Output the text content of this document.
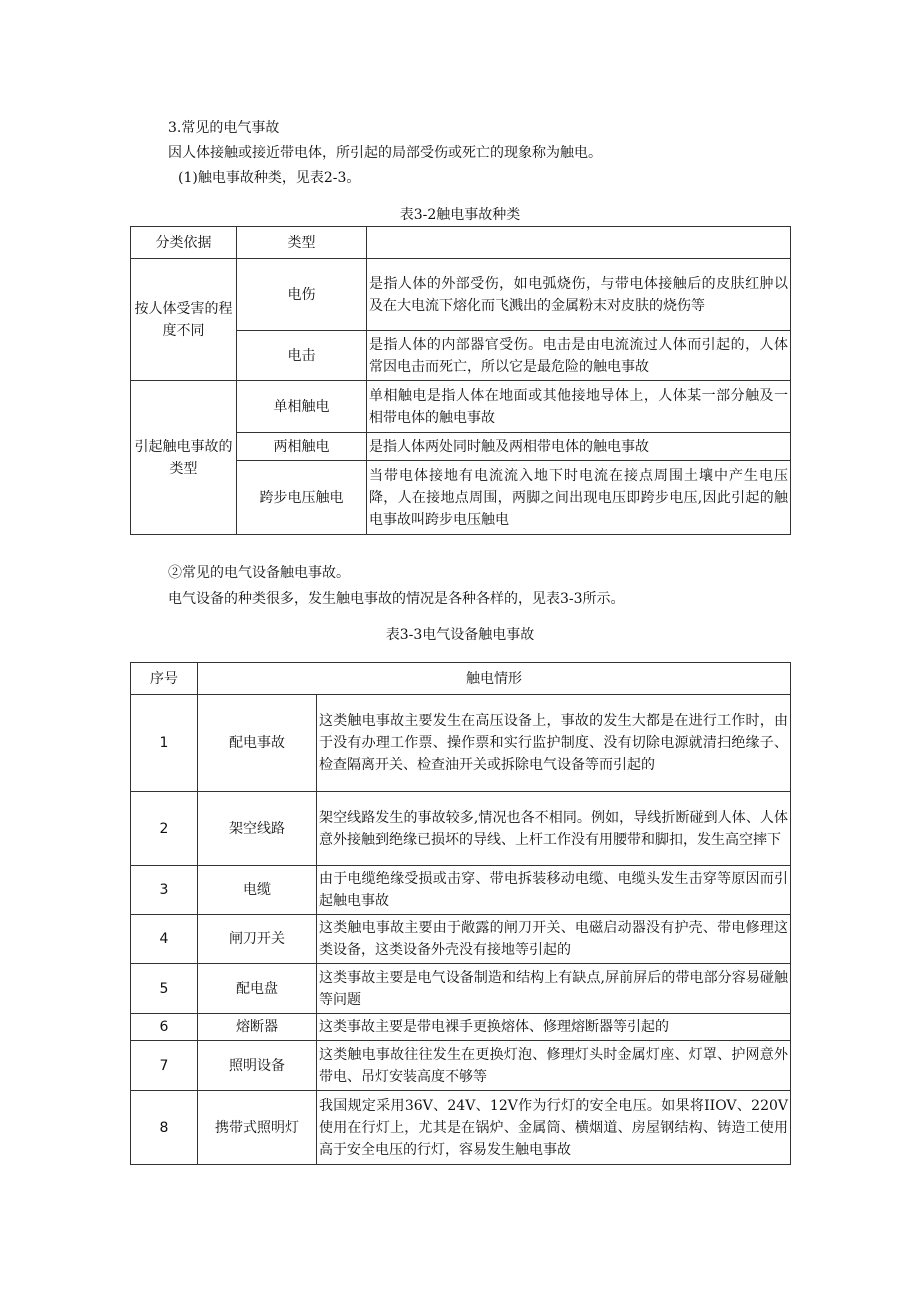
3.常见的电气事故
因人体接触或接近带电体，所引起的局部受伤或死亡的现象称为触电。
(1)触电事故种类，见表2-3。
表3-2触电事故种类
分类依据	类型	
按人体受害的程度不同	电伤	是指人体的外部受伤，如电弧烧伤，与带电体接触后的皮肤红肿以及在大电流下熔化而飞溅出的金属粉末对皮肤的烧伤等
	电击	是指人体的内部器官受伤。电击是由电流流过人体而引起的，人体常因电击而死亡，所以它是最危险的触电事故
引起触电事故的类型	单相触电	单相触电是指人体在地面或其他接地导体上，人体某一部分触及一相带电体的触电事故
	两相触电	是指人体两处同时触及两相带电体的触电事故
	跨步电压触电	当带电体接地有电流流入地下时电流在接点周围土壤中产生电压降，人在接地点周围，两脚之间出现电压即跨步电压,因此引起的触电事故叫跨步电压触电
②常见的电气设备触电事故。
电气设备的种类很多，发生触电事故的情况是各种各样的，见表3-3所示。
表3-3电气设备触电事故
序号	触电情形	
1	配电事故	这类触电事故主要发生在高压设备上，事故的发生大都是在进行工作时，由于没有办理工作票、操作票和实行监护制度、没有切除电源就清扫绝缘子、检查隔离开关、检查油开关或拆除电气设备等而引起的
2	架空线路	架空线路发生的事故较多,情况也各不相同。例如，导线折断碰到人体、人体意外接触到绝缘已损坏的导线、上杆工作没有用腰带和脚扣，发生高空摔下
3	电缆	由于电缆绝缘受损或击穿、带电拆装移动电缆、电缆头发生击穿等原因而引起触电事故
4	闸刀开关	这类触电事故主要由于敞露的闸刀开关、电磁启动器没有护壳、带电修理这类设备，这类设备外壳没有接地等引起的
5	配电盘	这类事故主要是电气设备制造和结构上有缺点,屏前屏后的带电部分容易碰触等问题
6	熔断器	这类事故主要是带电裸手更换熔体、修理熔断器等引起的
7	照明设备	这类触电事故往往发生在更换灯泡、修理灯头时金属灯座、灯罩、护网意外带电、吊灯安装高度不够等
8	携带式照明灯	我国规定采用36V、24V、12V作为行灯的安全电压。如果将IIOV、220V使用在行灯上，尤其是在锅炉、金属筒、横烟道、房屋钢结构、铸造工使用高于安全电压的行灯，容易发生触电事故
